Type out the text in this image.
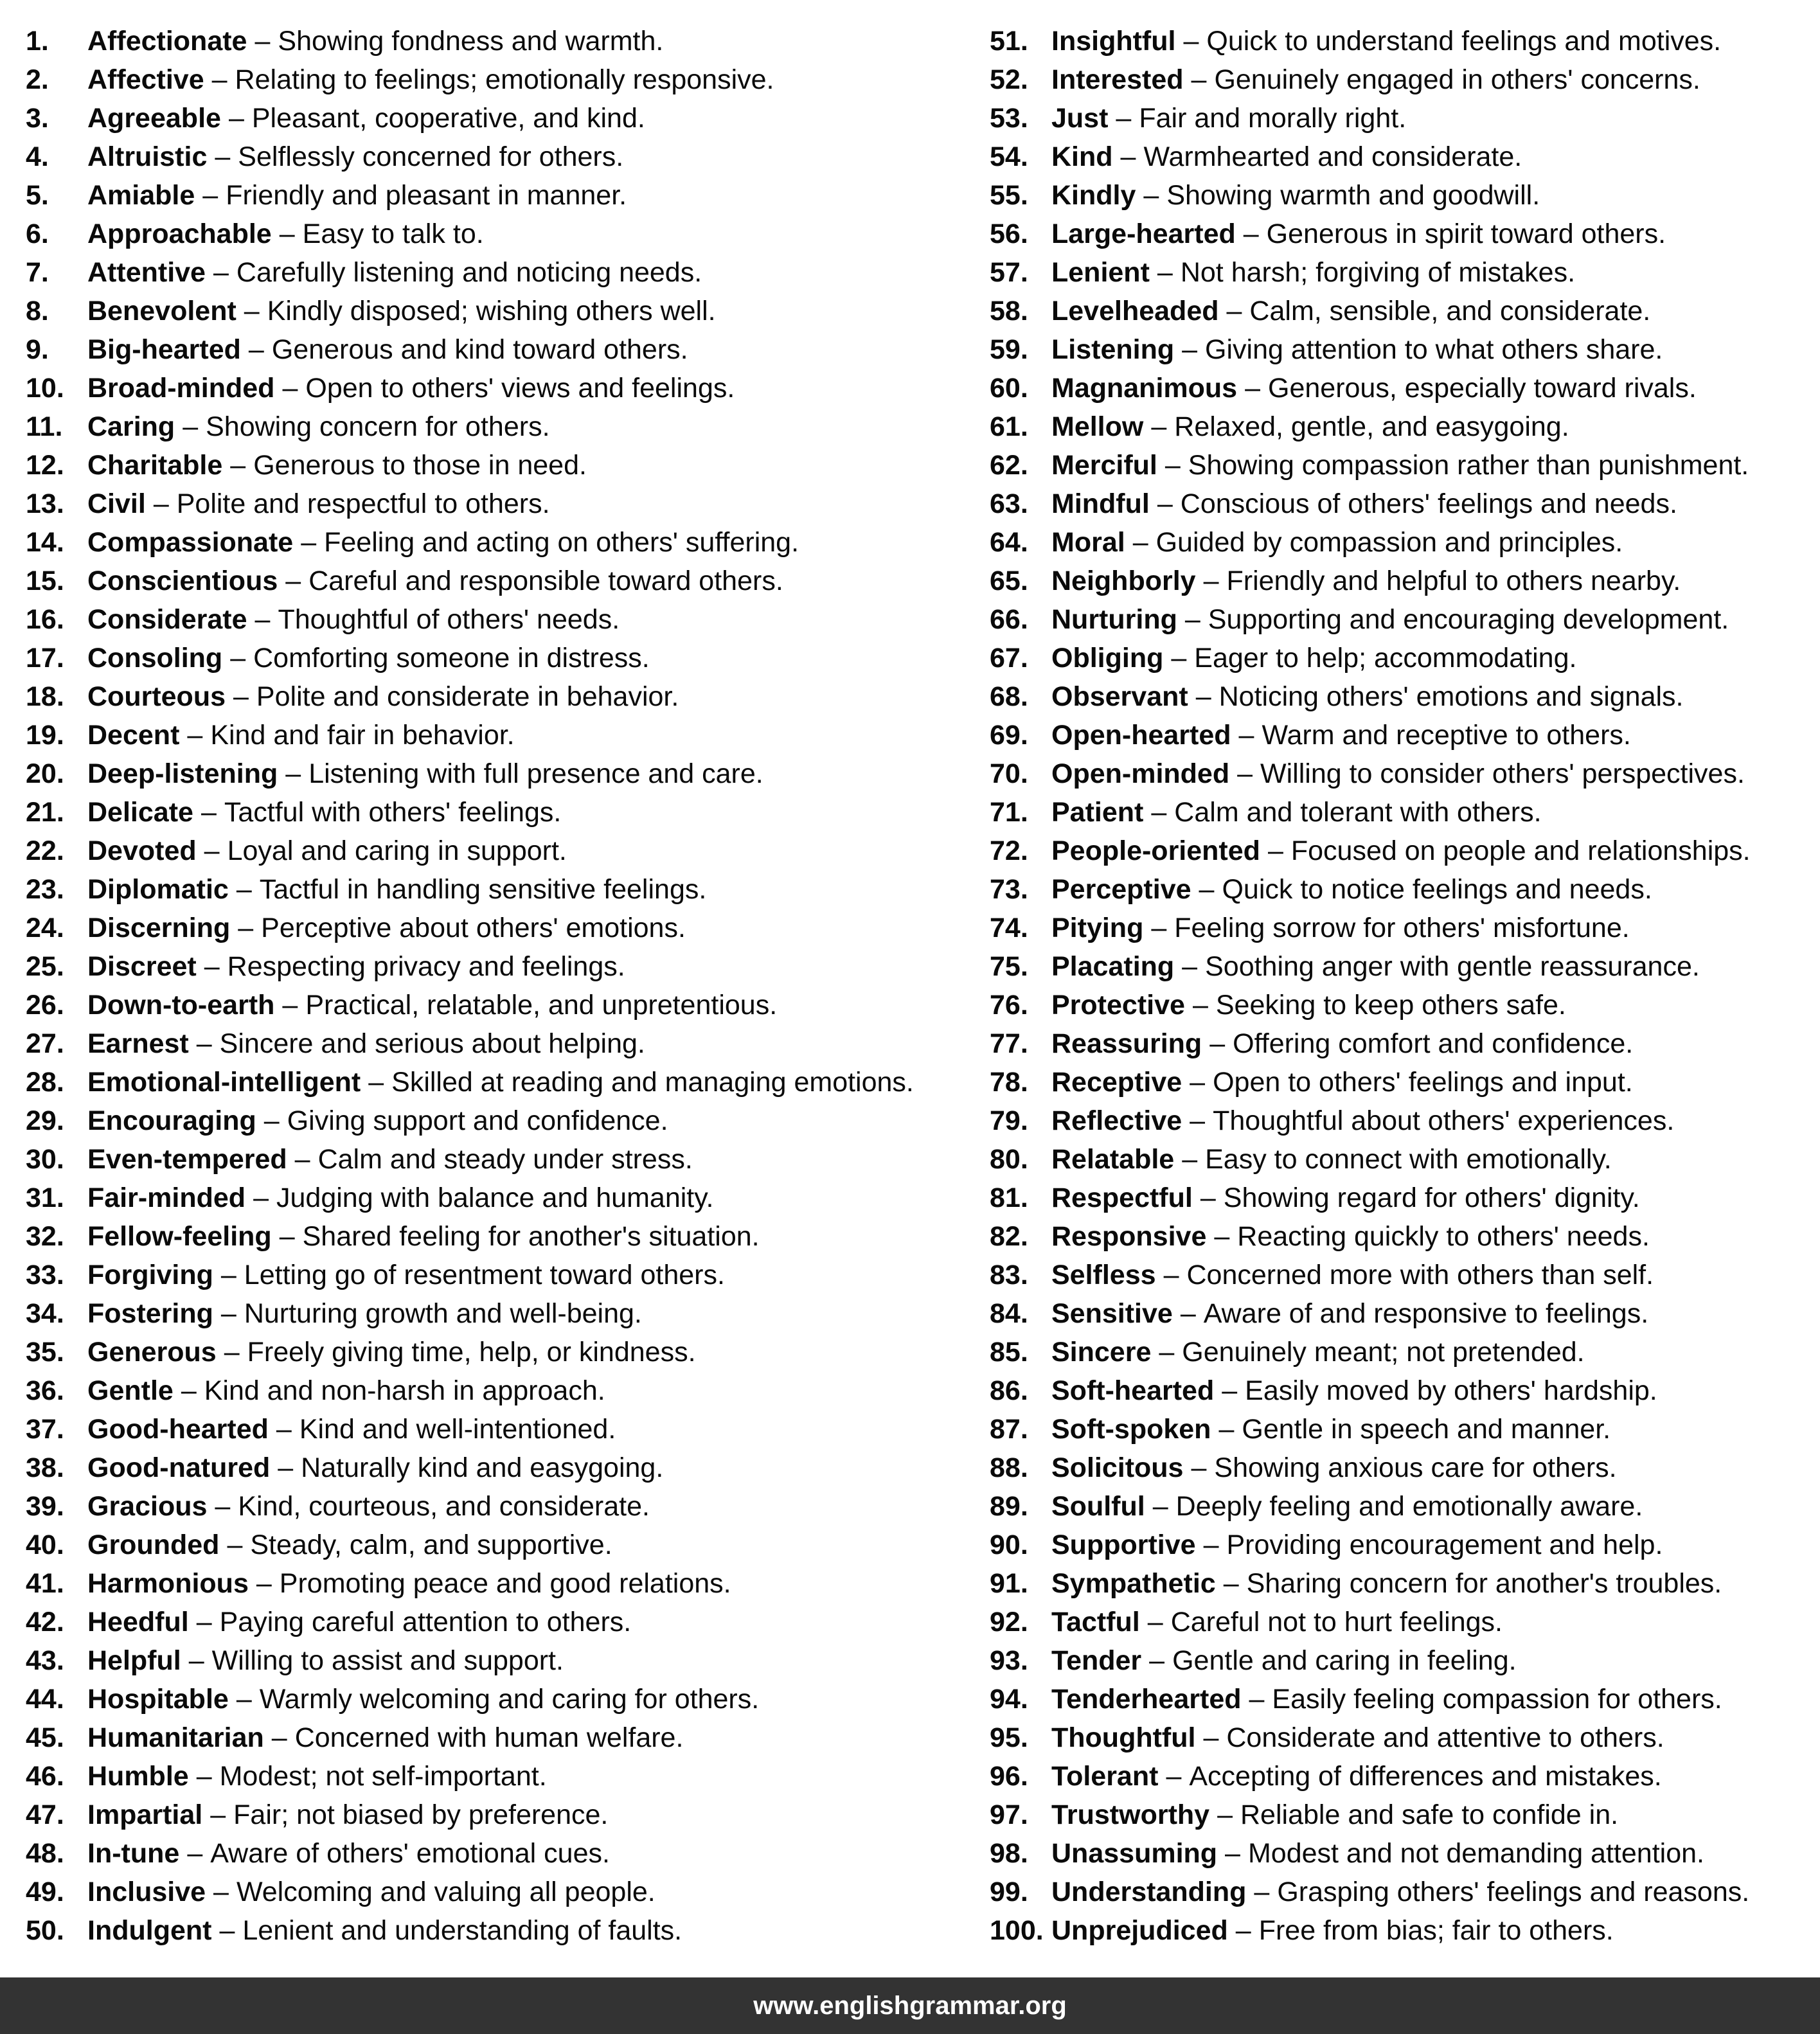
1. Affectionate – Showing fondness and warmth.
2. Affective – Relating to feelings; emotionally responsive.
3. Agreeable – Pleasant, cooperative, and kind.
4. Altruistic – Selflessly concerned for others.
5. Amiable – Friendly and pleasant in manner.
6. Approachable – Easy to talk to.
7. Attentive – Carefully listening and noticing needs.
8. Benevolent – Kindly disposed; wishing others well.
9. Big-hearted – Generous and kind toward others.
10. Broad-minded – Open to others' views and feelings.
11. Caring – Showing concern for others.
12. Charitable – Generous to those in need.
13. Civil – Polite and respectful to others.
14. Compassionate – Feeling and acting on others' suffering.
15. Conscientious – Careful and responsible toward others.
16. Considerate – Thoughtful of others' needs.
17. Consoling – Comforting someone in distress.
18. Courteous – Polite and considerate in behavior.
19. Decent – Kind and fair in behavior.
20. Deep-listening – Listening with full presence and care.
21. Delicate – Tactful with others' feelings.
22. Devoted – Loyal and caring in support.
23. Diplomatic – Tactful in handling sensitive feelings.
24. Discerning – Perceptive about others' emotions.
25. Discreet – Respecting privacy and feelings.
26. Down-to-earth – Practical, relatable, and unpretentious.
27. Earnest – Sincere and serious about helping.
28. Emotional-intelligent – Skilled at reading and managing emotions.
29. Encouraging – Giving support and confidence.
30. Even-tempered – Calm and steady under stress.
31. Fair-minded – Judging with balance and humanity.
32. Fellow-feeling – Shared feeling for another's situation.
33. Forgiving – Letting go of resentment toward others.
34. Fostering – Nurturing growth and well-being.
35. Generous – Freely giving time, help, or kindness.
36. Gentle – Kind and non-harsh in approach.
37. Good-hearted – Kind and well-intentioned.
38. Good-natured – Naturally kind and easygoing.
39. Gracious – Kind, courteous, and considerate.
40. Grounded – Steady, calm, and supportive.
41. Harmonious – Promoting peace and good relations.
42. Heedful – Paying careful attention to others.
43. Helpful – Willing to assist and support.
44. Hospitable – Warmly welcoming and caring for others.
45. Humanitarian – Concerned with human welfare.
46. Humble – Modest; not self-important.
47. Impartial – Fair; not biased by preference.
48. In-tune – Aware of others' emotional cues.
49. Inclusive – Welcoming and valuing all people.
50. Indulgent – Lenient and understanding of faults.
51. Insightful – Quick to understand feelings and motives.
52. Interested – Genuinely engaged in others' concerns.
53. Just – Fair and morally right.
54. Kind – Warmhearted and considerate.
55. Kindly – Showing warmth and goodwill.
56. Large-hearted – Generous in spirit toward others.
57. Lenient – Not harsh; forgiving of mistakes.
58. Levelheaded – Calm, sensible, and considerate.
59. Listening – Giving attention to what others share.
60. Magnanimous – Generous, especially toward rivals.
61. Mellow – Relaxed, gentle, and easygoing.
62. Merciful – Showing compassion rather than punishment.
63. Mindful – Conscious of others' feelings and needs.
64. Moral – Guided by compassion and principles.
65. Neighborly – Friendly and helpful to others nearby.
66. Nurturing – Supporting and encouraging development.
67. Obliging – Eager to help; accommodating.
68. Observant – Noticing others' emotions and signals.
69. Open-hearted – Warm and receptive to others.
70. Open-minded – Willing to consider others' perspectives.
71. Patient – Calm and tolerant with others.
72. People-oriented – Focused on people and relationships.
73. Perceptive – Quick to notice feelings and needs.
74. Pitying – Feeling sorrow for others' misfortune.
75. Placating – Soothing anger with gentle reassurance.
76. Protective – Seeking to keep others safe.
77. Reassuring – Offering comfort and confidence.
78. Receptive – Open to others' feelings and input.
79. Reflective – Thoughtful about others' experiences.
80. Relatable – Easy to connect with emotionally.
81. Respectful – Showing regard for others' dignity.
82. Responsive – Reacting quickly to others' needs.
83. Selfless – Concerned more with others than self.
84. Sensitive – Aware of and responsive to feelings.
85. Sincere – Genuinely meant; not pretended.
86. Soft-hearted – Easily moved by others' hardship.
87. Soft-spoken – Gentle in speech and manner.
88. Solicitous – Showing anxious care for others.
89. Soulful – Deeply feeling and emotionally aware.
90. Supportive – Providing encouragement and help.
91. Sympathetic – Sharing concern for another's troubles.
92. Tactful – Careful not to hurt feelings.
93. Tender – Gentle and caring in feeling.
94. Tenderhearted – Easily feeling compassion for others.
95. Thoughtful – Considerate and attentive to others.
96. Tolerant – Accepting of differences and mistakes.
97. Trustworthy – Reliable and safe to confide in.
98. Unassuming – Modest and not demanding attention.
99. Understanding – Grasping others' feelings and reasons.
100. Unprejudiced – Free from bias; fair to others.
www.englishgrammar.org
